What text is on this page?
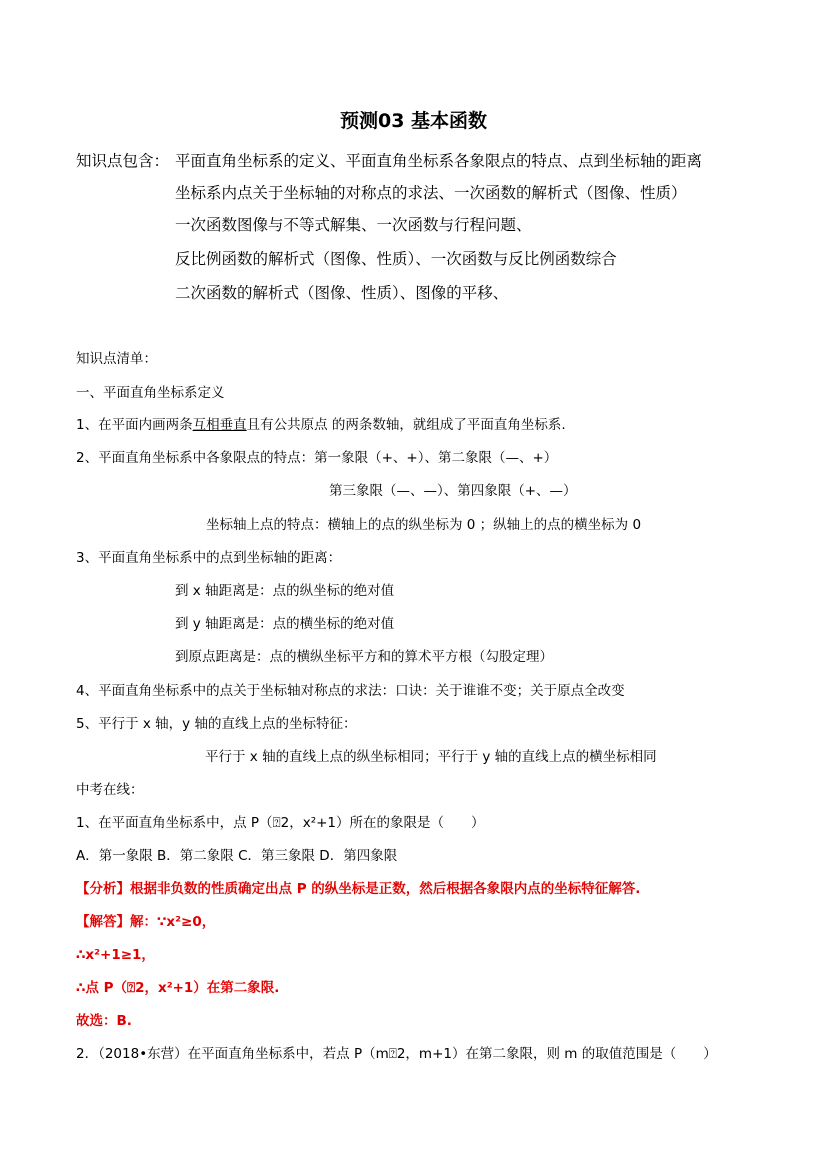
预测03 基本函数
知识点包含： 平面直角坐标系的定义、平面直角坐标系各象限点的特点、点到坐标轴的距离
坐标系内点关于坐标轴的对称点的求法、一次函数的解析式（图像、性质）
一次函数图像与不等式解集、一次函数与行程问题、
反比例函数的解析式（图像、性质）、一次函数与反比例函数综合
二次函数的解析式（图像、性质）、图像的平移、
知识点清单：
一、平面直角坐标系定义
1、在平面内画两条互相垂直且有公共原点 的两条数轴，就组成了平面直角坐标系.
2、平面直角坐标系中各象限点的特点：第一象限（+、+）、第二象限（—、+）
第三象限（—、—）、第四象限（+、—）
坐标轴上点的特点：横轴上的点的纵坐标为 0 ；纵轴上的点的横坐标为 0
3、平面直角坐标系中的点到坐标轴的距离：
到 x 轴距离是：点的纵坐标的绝对值
到 y 轴距离是：点的横坐标的绝对值
到原点距离是：点的横纵坐标平方和的算术平方根（勾股定理）
4、平面直角坐标系中的点关于坐标轴对称点的求法：口诀：关于谁谁不变；关于原点全改变
5、平行于 x 轴，y 轴的直线上点的坐标特征：
平行于 x 轴的直线上点的纵坐标相同；平行于 y 轴的直线上点的横坐标相同
中考在线：
1、在平面直角坐标系中，点 P（⍰2，x²+1）所在的象限是（　　）
A．第一象限 B．第二象限 C．第三象限 D．第四象限
【分析】根据非负数的性质确定出点 P 的纵坐标是正数，然后根据各象限内点的坐标特征解答.
【解答】解：∵x²≥0，
∴x²+1≥1，
∴点 P（⍰2，x²+1）在第二象限.
故选：B.
2．（2018•东营）在平面直角坐标系中，若点 P（m⍰2，m+1）在第二象限，则 m 的取值范围是（　　）
